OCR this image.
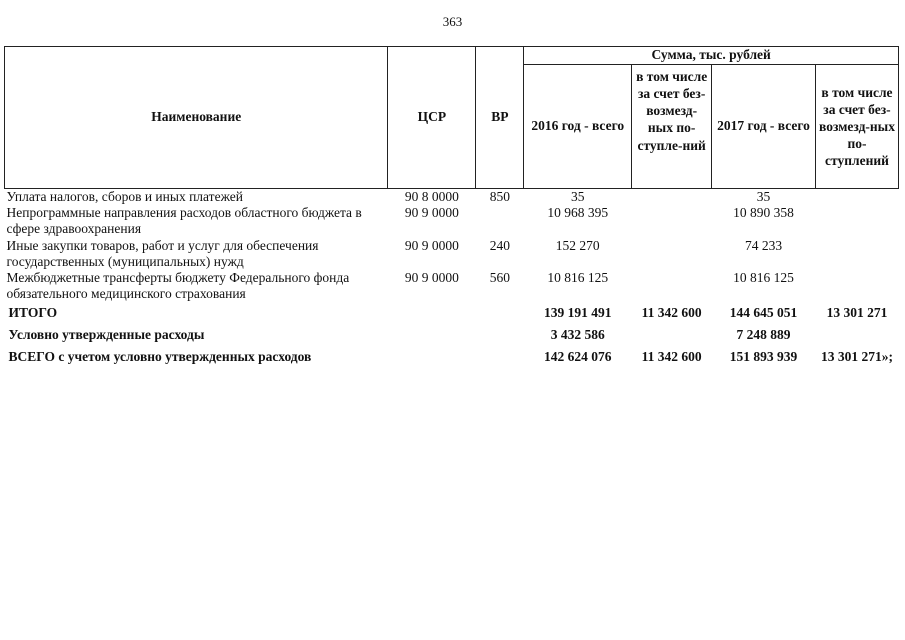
363
Наименование	ЦСР	ВР	Сумма, тыс. рублей			
			2016 год - всего	в том числе за счет без-возмезд-ных по-ступле-ний	2017 год - всего	в том числе за счет без-возмезд-ных по-ступлений
Уплата налогов, сборов и иных платежей	90 8 0000	850	35		35	
Непрограммные направления расходов областного бюджета в сфере здравоохранения	90 9 0000		10 968 395		10 890 358	
Иные закупки товаров, работ и услуг для обеспечения государственных (муниципальных) нужд	90 9 0000	240	152 270		74 233	
Межбюджетные трансферты бюджету Федерального фонда обязательного медицинского страхования	90 9 0000	560	10 816 125		10 816 125	
ИТОГО			139 191 491	11 342 600	144 645 051	13 301 271
Условно утвержденные расходы			3 432 586		7 248 889	
ВСЕГО с учетом условно утвержденных расходов			142 624 076	11 342 600	151 893 939	13 301 271»;
